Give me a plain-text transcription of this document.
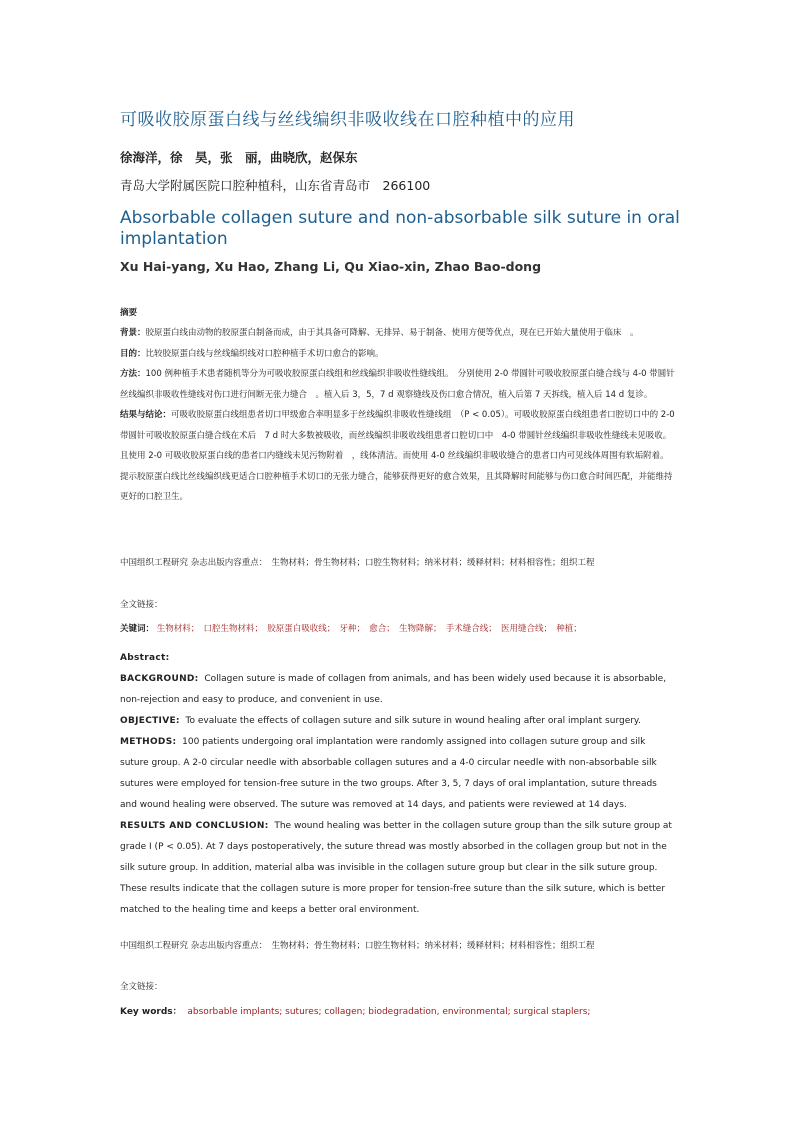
可吸收胶原蛋白线与丝线编织非吸收线在口腔种植中的应用
徐海洋，徐　昊，张　丽，曲晓欣，赵保东
青岛大学附属医院口腔种植科，山东省青岛市　266100
Absorbable collagen suture and non-absorbable silk suture in oral implantation
Xu Hai-yang, Xu Hao, Zhang Li, Qu Xiao-xin, Zhao Bao-dong
摘要
背景：胶原蛋白线由动物的胶原蛋白制备而成，由于其具备可降解、无排异、易于制备、使用方便等优点，现在已开始大量使用于临床　。
目的：比较胶原蛋白线与丝线编织线对口腔种植手术切口愈合的影响。
方法：100 例种植手术患者随机等分为可吸收胶原蛋白线组和丝线编织非吸收性缝线组。　分别使用 2-0 带圆针可吸收胶原蛋白缝合线与 4-0 带圆针丝线编织非吸收性缝线对伤口进行间断无张力缝合　。植入后 3，5，7 d 观察缝线及伤口愈合情况，植入后第 7 天拆线，植入后 14 d 复诊。
结果与结论：可吸收胶原蛋白线组患者切口甲级愈合率明显多于丝线编织非吸收性缝线组　（P < 0.05）。可吸收胶原蛋白线组患者口腔切口中的 2-0 带圆针可吸收胶原蛋白缝合线在术后　7 d 时大多数被吸收，而丝线编织非吸收线组患者口腔切口中　4-0 带圆针丝线编织非吸收性缝线未见吸收。且使用 2-0 可吸收胶原蛋白线的患者口内缝线未见污物附着　，线体清洁。而使用 4-0 丝线编织非吸收缝合的患者口内可见线体周围有软垢附着。提示胶原蛋白线比丝线编织线更适合口腔种植手术切口的无张力缝合，能够获得更好的愈合效果，且其降解时间能够与伤口愈合时间匹配，并能维持更好的口腔卫生。
中国组织工程研究 杂志出版内容重点：　生物材料；骨生物材料；口腔生物材料；纳米材料；缓释材料；材料相容性；组织工程
全文链接：
关键词： 生物材料；　口腔生物材料；　胶原蛋白吸收线；　牙种；　愈合；　生物降解；　手术缝合线；　医用缝合线；　种植；
Abstract:
BACKGROUND: Collagen suture is made of collagen from animals, and has been widely used because it is absorbable, non-rejection and easy to produce, and convenient in use.
OBJECTIVE: To evaluate the effects of collagen suture and silk suture in wound healing after oral implant surgery.
METHODS: 100 patients undergoing oral implantation were randomly assigned into collagen suture group and silk suture group. A 2-0 circular needle with absorbable collagen sutures and a 4-0 circular needle with non-absorbable silk sutures were employed for tension-free suture in the two groups. After 3, 5, 7 days of oral implantation, suture threads and wound healing were observed. The suture was removed at 14 days, and patients were reviewed at 14 days.
RESULTS AND CONCLUSION: The wound healing was better in the collagen suture group than the silk suture group at grade I (P < 0.05). At 7 days postoperatively, the suture thread was mostly absorbed in the collagen group but not in the silk suture group. In addition, material alba was invisible in the collagen suture group but clear in the silk suture group. These results indicate that the collagen suture is more proper for tension-free suture than the silk suture, which is better matched to the healing time and keeps a better oral environment.
中国组织工程研究 杂志出版内容重点：　生物材料；骨生物材料；口腔生物材料；纳米材料；缓释材料；材料相容性；组织工程
全文链接：
Key words： absorbable implants; sutures; collagen; biodegradation, environmental; surgical staplers;
